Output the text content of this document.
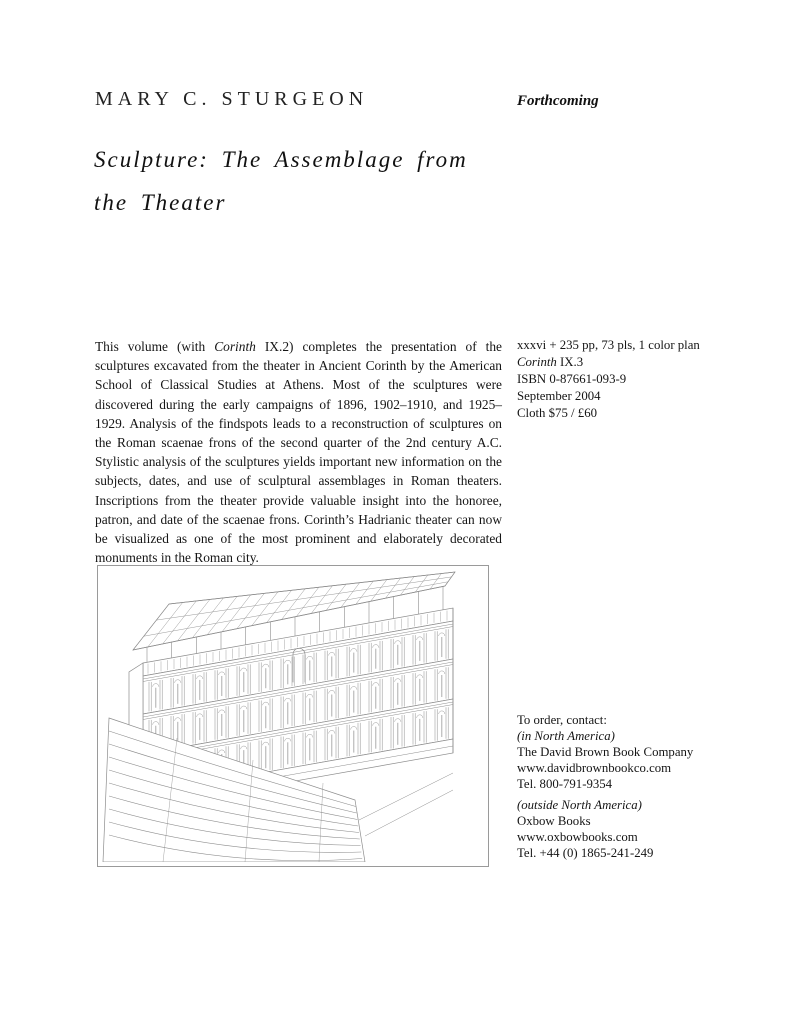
MARY C. STURGEON	Forthcoming
Sculpture: The Assemblage from
the Theater
This volume (with Corinth IX.2) completes the presentation of the sculptures excavated from the theater in Ancient Corinth by the American School of Classical Studies at Athens. Most of the sculptures were discovered during the early campaigns of 1896, 1902–1910, and 1925–1929. Analysis of the findspots leads to a reconstruction of sculptures on the Roman scaenae frons of the second quarter of the 2nd century A.C. Stylistic analysis of the sculptures yields important new information on the subjects, dates, and use of sculptural assemblages in Roman theaters. Inscriptions from the theater provide valuable insight into the honoree, patron, and date of the scaenae frons. Corinth’s Hadrianic theater can now be visualized as one of the most prominent and elaborately decorated monuments in the Roman city.
xxxvi + 235 pp, 73 pls, 1 color plan
Corinth IX.3
ISBN 0-87661-093-9
September 2004
Cloth $75 / £60
To order, contact:
(in North America)
The David Brown Book Company
www.davidbrownbookco.com
Tel. 800-791-9354
(outside North America)
Oxbow Books
www.oxbowbooks.com
Tel. +44 (0) 1865-241-249
